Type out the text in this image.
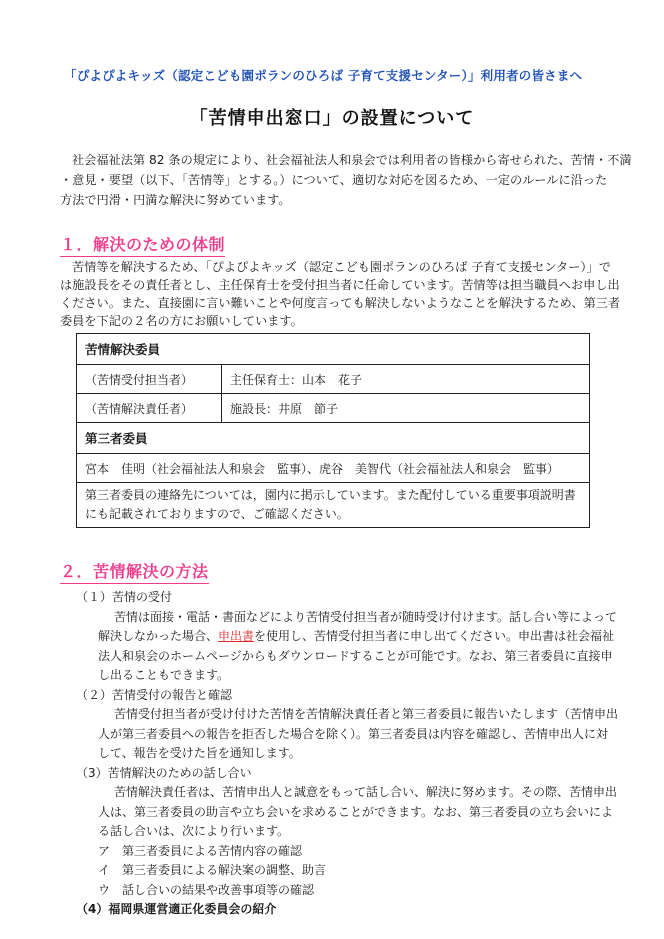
「ぴよぴよキッズ（認定こども園ポランのひろば 子育て支援センター）」利用者の皆さまへ
「苦情申出窓口」の設置について
社会福祉法第 82 条の規定により、社会福祉法人和泉会では利用者の皆様から寄せられた、苦情・不満
・意見・要望（以下、「苦情等」とする。）について、適切な対応を図るため、一定のルールに沿った
方法で円滑・円満な解決に努めています。
１．解決のための体制
苦情等を解決するため、「ぴよぴよキッズ（認定こども園ポランのひろば 子育て支援センター）」で
は施設長をその責任者とし、主任保育士を受付担当者に任命しています。苦情等は担当職員へお申し出
ください。また、直接園に言い難いことや何度言っても解決しないようなことを解決するため、第三者
委員を下記の２名の方にお願いしています。
苦情解決委員	
（苦情受付担当者）	主任保育士：山本　花子
（苦情解決責任者）	施設長：井原　節子
第三者委員	
宮本　佳明（社会福祉法人和泉会　監事）、虎谷　美智代（社会福祉法人和泉会　監事）	
第三者委員の連絡先については，園内に掲示しています。また配付している重要事項説明書にも記載されておりますので、ご確認ください。	
２．苦情解決の方法
（１）苦情の受付
苦情は面接・電話・書面などにより苦情受付担当者が随時受け付けます。話し合い等によって
解決しなかった場合、申出書を使用し、苦情受付担当者に申し出てください。申出書は社会福祉
法人和泉会のホームページからもダウンロードすることが可能です。なお、第三者委員に直接申
し出ることもできます。
（２）苦情受付の報告と確認
苦情受付担当者が受け付けた苦情を苦情解決責任者と第三者委員に報告いたします（苦情申出
人が第三者委員への報告を拒否した場合を除く）。第三者委員は内容を確認し、苦情申出人に対
して、報告を受けた旨を通知します。
（3）苦情解決のための話し合い
苦情解決責任者は、苦情申出人と誠意をもって話し合い、解決に努めます。その際、苦情申出
人は、第三者委員の助言や立ち会いを求めることができます。なお、第三者委員の立ち会いによ
る話し合いは、次により行います。
ア　第三者委員による苦情内容の確認
イ　第三者委員による解決案の調整、助言
ウ　話し合いの結果や改善事項等の確認
（4）福岡県運営適正化委員会の紹介
